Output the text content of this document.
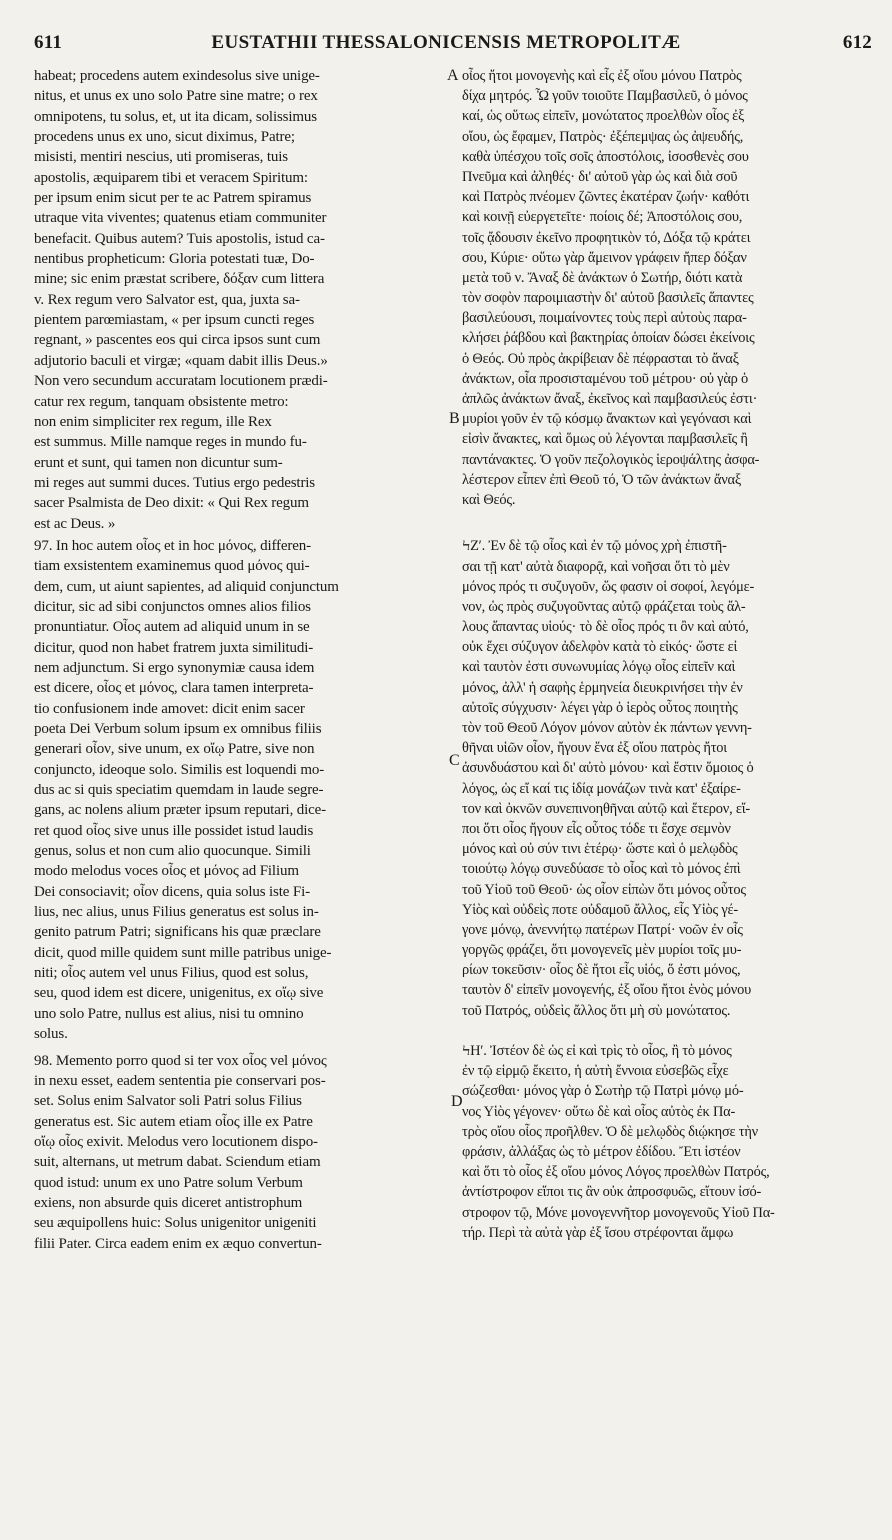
611	EUSTATHII THESSALONICENSIS METROPOLITÆ	612

habeat; procedens autem exindesolus sive unige-

nitus, et unus ex uno solo Patre sine matre; o rex

omnipotens, tu solus, et, ut ita dicam, solissimus

procedens unus ex uno, sicut diximus, Patre;

misisti, mentiri nescius, uti promiseras, tuis

apostolis, æquiparem tibi et veracem Spiritum:

per ipsum enim sicut per te ac Patrem spiramus

utraque vita viventes; quatenus etiam communiter

benefacit. Quibus autem? Tuis apostolis, istud ca-

nentibus propheticum: Gloria potestati tuæ, Do-

mine; sic enim præstat scribere, δόξαν cum littera

v. Rex regum vero Salvator est, qua, juxta sa-

pientem parœmiastam, « per ipsum cuncti reges

regnant, » pascentes eos qui circa ipsos sunt cum

adjutorio baculi et virgæ; «quam dabit illis Deus.»

Non vero secundum accuratam locutionem prædi-

catur rex regum, tanquam obsistente metro:

non enim simpliciter rex regum, ille Rex

est summus. Mille namque reges in mundo fu-

erunt et sunt, qui tamen non dicuntur sum-

mi reges aut summi duces. Tutius ergo pedestris

sacer Psalmista de Deo dixit: « Qui Rex regum

est ac Deus. »

97. In hoc autem οἶος et in hoc μόνος, differen-

tiam exsistentem examinemus quod μόνος qui-

dem, cum, ut aiunt sapientes, ad aliquid conjunctum

dicitur, sic ad sibi conjunctos omnes alios filios

pronuntiatur. Οἶος autem ad aliquid unum in se

dicitur, quod non habet fratrem juxta similitudi-

nem adjunctum. Si ergo synonymiæ causa idem

est dicere, οἶος et μόνος, clara tamen interpreta-

tio confusionem inde amovet: dicit enim sacer

poeta Dei Verbum solum ipsum ex omnibus filiis

generari οἶον, sive unum, ex οἴῳ Patre, sive non

conjuncto, ideoque solo. Similis est loquendi mo-

dus ac si quis speciatim quemdam in laude segre-

gans, ac nolens alium præter ipsum reputari, dice-

ret quod οἶος sive unus ille possidet istud laudis

genus, solus et non cum alio quocunque. Simili

modo melodus voces οἶος et μόνος ad Filium

Dei consociavit; οἶον dicens, quia solus iste Fi-

lius, nec alius, unus Filius generatus est solus in-

genito patrum Patri; significans his quæ præclare

dicit, quod mille quidem sunt mille patribus unige-

niti; οἶος autem vel unus Filius, quod est solus,

seu, quod idem est dicere, unigenitus, ex οἴῳ sive

uno solo Patre, nullus est alius, nisi tu omnino

solus.

98. Memento porro quod si ter vox οἶος vel μόνος

in nexu esset, eadem sententia pie conservari pos-

set. Solus enim Salvator soli Patri solus Filius

generatus est. Sic autem etiam οἶος ille ex Patre

οἴῳ οἶος exivit. Melodus vero locutionem dispo-

suit, alternans, ut metrum dabat. Sciendum etiam

quod istud: unum ex uno Patre solum Verbum

exiens, non absurde quis diceret antistrophum

seu æquipollens huic: Solus unigenitor unigeniti

filii Pater. Circa eadem enim ex æquo convertun-

οἶος ἤτοι μονογενὴς καὶ εἷς ἐξ οἴου μόνου Πατρὸς

δίχα μητρός. Ὦ γοῦν τοιοῦτε Παμβασιλεῦ, ὁ μόνος

καί, ὡς οὕτως εἰπεῖν, μονώτατος προελθὼν οἶος ἐξ

οἴου, ὡς ἔφαμεν, Πατρὸς· ἐξέπεμψας ὡς ἀψευδής,

καθὰ ὑπέσχου τοῖς σοῖς ἀποστόλοις, ἰσοσθενὲς σου

Πνεῦμα καὶ ἀληθές· δι' αὐτοῦ γὰρ ὡς καὶ διὰ σοῦ

καὶ Πατρὸς πνέομεν ζῶντες ἑκατέραν ζωήν· καθότι

καὶ κοινῇ εὐεργετεῖτε· ποίοις δέ; Ἀποστόλοις σου,

τοῖς ᾄδουσιν ἐκεῖνο προφητικὸν τό, Δόξα τῷ κράτει

σου, Κύριε· οὕτω γὰρ ἄμεινον γράφειν ἤπερ δόξαν

μετὰ τοῦ ν. Ἄναξ δὲ ἀνάκτων ὁ Σωτήρ, διότι κατὰ

τὸν σοφὸν παροιμιαστὴν δι' αὐτοῦ βασιλεῖς ἅπαντες

βασιλεύουσι, ποιμαίνοντες τοὺς περὶ αὐτοὺς παρα-

κλήσει ῥάβδου καὶ βακτηρίας ὁποίαν δώσει ἐκείνοις

ὁ Θεός. Οὐ πρὸς ἀκρίβειαν δὲ πέφρασται τὸ ἄναξ

ἀνάκτων, οἷα προσισταμένου τοῦ μέτρου· οὐ γὰρ ὁ

ἁπλῶς ἀνάκτων ἄναξ, ἐκεῖνος καὶ παμβασιλεύς ἐστι·

μυρίοι γοῦν ἐν τῷ κόσμῳ ἄνακτων καὶ γεγόνασι καὶ

εἰσὶν ἄνακτες, καὶ ὅμως οὐ λέγονται παμβασιλεῖς ἢ

παντάνακτες. Ὁ γοῦν πεζολογικὸς ἱεροψάλτης ἀσφα-

λέστερον εἶπεν ἐπὶ Θεοῦ τό, Ὁ τῶν ἀνάκτων ἄναξ

καὶ Θεός.

ϞΖʹ. Ἐν δὲ τῷ οἶος καὶ ἐν τῷ μόνος χρὴ ἐπιστῆ-

σαι τῇ κατ' αὐτὰ διαφορᾷ, καὶ νοῆσαι ὅτι τὸ μὲν

μόνος πρός τι συζυγοῦν, ὥς φασιν οἱ σοφοί, λεγόμε-

νον, ὡς πρὸς συζυγοῦντας αὐτῷ φράζεται τοὺς ἄλ-

λους ἅπαντας υἱούς· τὸ δὲ οἶος πρός τι ὂν καὶ αὐτό,

οὐκ ἔχει σύζυγον ἀδελφὸν κατὰ τὸ εἰκός· ὥστε εἰ

καὶ ταυτὸν ἐστι συνωνυμίας λόγῳ οἶος εἰπεῖν καὶ

μόνος, ἀλλ' ἡ σαφὴς ἑρμηνεία διευκρινήσει τὴν ἐν

αὐτοῖς σύγχυσιν· λέγει γὰρ ὁ ἱερὸς οὗτος ποιητὴς

τὸν τοῦ Θεοῦ Λόγον μόνον αὐτὸν ἐκ πάντων γεννη-

θῆναι υἱῶν οἶον, ἤγουν ἕνα ἐξ οἴου πατρὸς ἤτοι

ἀσυνδυάστου καὶ δι' αὐτὸ μόνου· καὶ ἔστιν ὅμοιος ὁ

λόγος, ὡς εἴ καί τις ἰδίᾳ μονάζων τινὰ κατ' ἐξαίρε-

τον καὶ ὀκνῶν συνεπινοηθῆναι αὐτῷ καὶ ἕτερον, εἴ-

ποι ὅτι οἶος ἤγουν εἷς οὗτος τόδε τι ἔσχε σεμνὸν

μόνος καὶ οὐ σύν τινι ἑτέρῳ· ὥστε καὶ ὁ μελῳδὸς

τοιούτῳ λόγῳ συνεδύασε τὸ οἶος καὶ τὸ μόνος ἐπὶ

τοῦ Υἱοῦ τοῦ Θεοῦ· ὡς οἷον εἰπὼν ὅτι μόνος οὗτος

Υἱὸς καὶ οὐδεὶς ποτε οὐδαμοῦ ἄλλος, εἷς Υἱὸς γέ-

γονε μόνῳ, ἀνεννήτῳ πατέρων Πατρί· νοῶν ἐν οἷς

γοργῶς φράζει, ὅτι μονογενεῖς μὲν μυρίοι τοῖς μυ-

ρίων τοκεῦσιν· οἶος δὲ ἤτοι εἷς υἱός, ὅ ἐστι μόνος,

ταυτὸν δ' εἰπεῖν μονογενής, ἐξ οἴου ἤτοι ἑνὸς μόνου

τοῦ Πατρός, οὐδεὶς ἄλλος ὅτι μὴ σὺ μονώτατος.

ϞΗʹ. Ἰστέον δὲ ὡς εἰ καὶ τρὶς τὸ οἶος, ἢ τὸ μόνος

ἐν τῷ εἱρμῷ ἔκειτο, ἡ αὐτὴ ἔννοια εὐσεβῶς εἶχε

σώζεσθαι· μόνος γὰρ ὁ Σωτὴρ τῷ Πατρὶ μόνῳ μό-

νος Υἱὸς γέγονεν· οὕτω δὲ καὶ οἶος αὐτὸς ἐκ Πα-

τρὸς οἴου οἶος προῆλθεν. Ὁ δὲ μελῳδὸς διῴκησε τὴν

φράσιν, ἀλλάξας ὡς τὸ μέτρον ἐδίδου. Ἔτι ἰστέον

καὶ ὅτι τὸ οἶος ἐξ οἴου μόνος Λόγος προελθὼν Πατρός,

ἀντίστροφον εἴποι τις ἂν οὐκ ἀπροσφυῶς, εἴτουν ἰσό-

στροφον τῷ, Μόνε μονογεννῆτορ μονογενοῦς Υἱοῦ Πα-

τήρ. Περὶ τὰ αὐτὰ γὰρ ἐξ ἴσου στρέφονται ἄμφω

A
B
C
D
